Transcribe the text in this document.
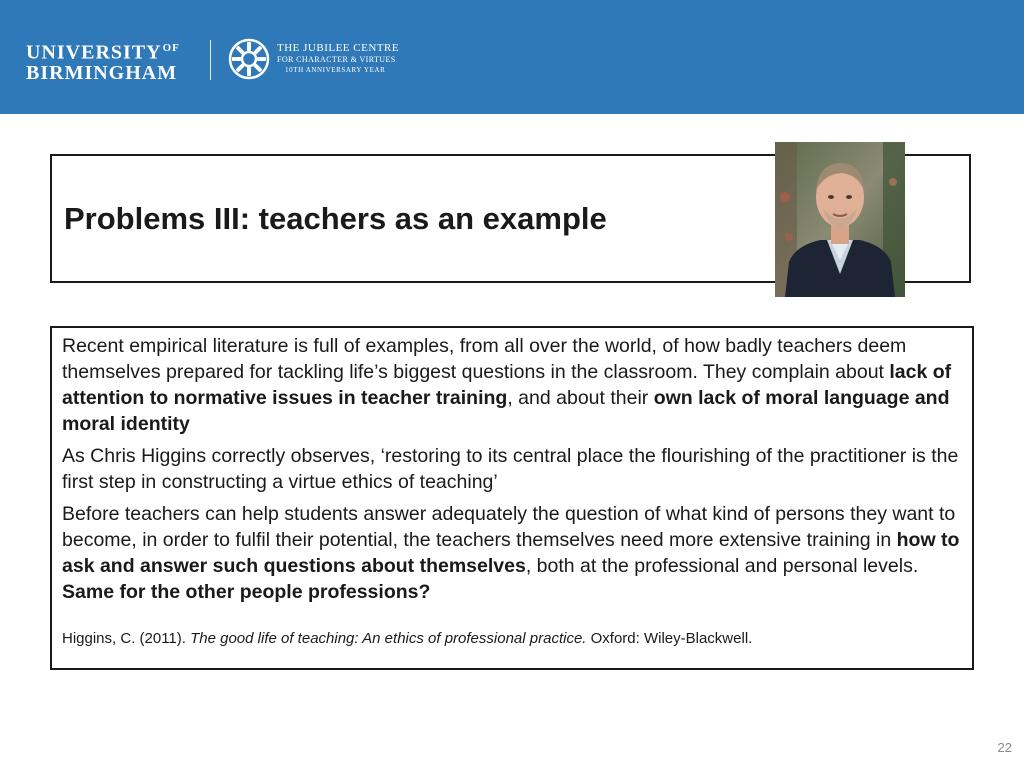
$UNIVERSITY^{OF}$
BIRMINGHAM
THE JUBILEE CENTRE
FOR CHARACTER & VIRTUES
10TH ANNIVERSARY YEAR
Problems III: teachers as an example

Recent empirical literature is full of examples, from all over the world, of how badly teachers deem themselves prepared for tackling life’s biggest questions in the classroom. They complain about lack of attention to normative issues in teacher training, and about their own lack of moral language and moral identity

As Chris Higgins correctly observes, ‘restoring to its central place the flourishing of the practitioner is the first step in constructing a virtue ethics of teaching’

Before teachers can help students answer adequately the question of what kind of persons they want to become, in order to fulfil their potential, the teachers themselves need more extensive training in how to ask and answer such questions about themselves, both at the professional and personal levels. Same for the other people professions?

Higgins, C. (2011). The good life of teaching: An ethics of professional practice. Oxford: Wiley-Blackwell.
22
